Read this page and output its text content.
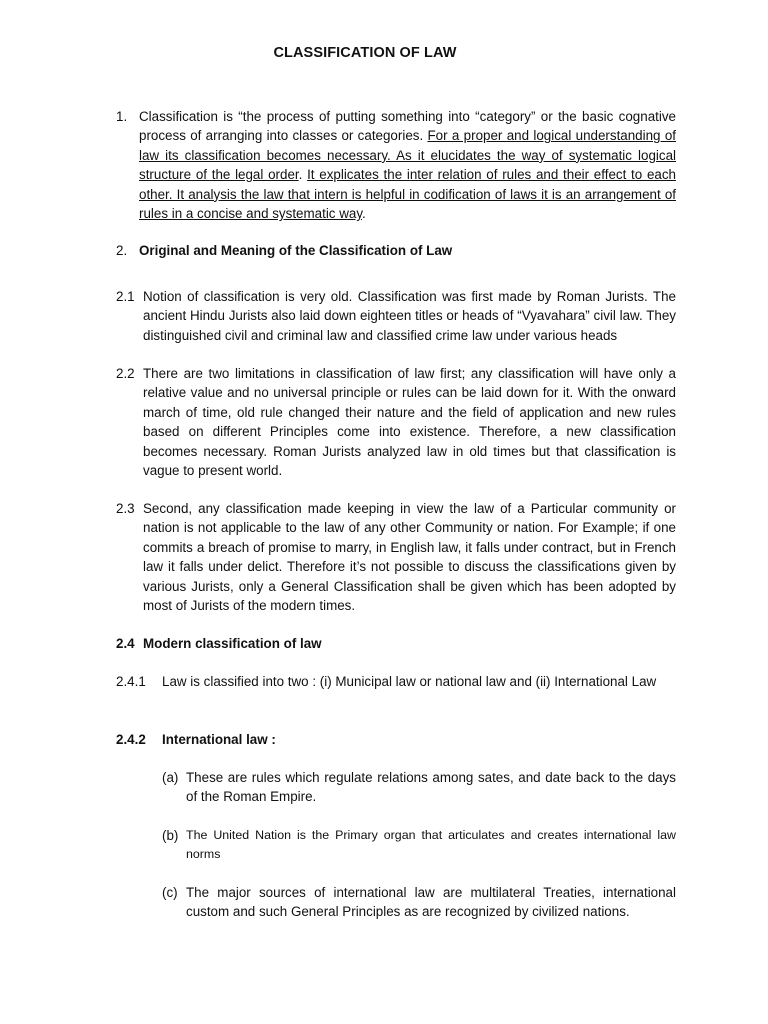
CLASSIFICATION OF LAW
1. Classification is “the process of putting something into “category” or the basic cognative process of arranging into classes or categories. For a proper and logical understanding of law its classification becomes necessary. As it elucidates the way of systematic logical structure of the legal order. It explicates the inter relation of rules and their effect to each other. It analysis the law that intern is helpful in codification of laws it is an arrangement of rules in a concise and systematic way.
2. Original and Meaning of the Classification of Law
2.1 Notion of classification is very old. Classification was first made by Roman Jurists. The ancient Hindu Jurists also laid down eighteen titles or heads of “Vyavahara” civil law. They distinguished civil and criminal law and classified crime law under various heads
2.2 There are two limitations in classification of law first; any classification will have only a relative value and no universal principle or rules can be laid down for it. With the onward march of time, old rule changed their nature and the field of application and new rules based on different Principles come into existence. Therefore, a new classification becomes necessary. Roman Jurists analyzed law in old times but that classification is vague to present world.
2.3 Second, any classification made keeping in view the law of a Particular community or nation is not applicable to the law of any other Community or nation. For Example; if one commits a breach of promise to marry, in English law, it falls under contract, but in French law it falls under delict. Therefore it’s not possible to discuss the classifications given by various Jurists, only a General Classification shall be given which has been adopted by most of Jurists of the modern times.
2.4 Modern classification of law
2.4.1 Law is classified into two : (i) Municipal law or national law and (ii) International Law
2.4.2 International law :
(a) These are rules which regulate relations among sates, and date back to the days of the Roman Empire.
(b) The United Nation is the Primary organ that articulates and creates international law norms
(c) The major sources of international law are multilateral Treaties, international custom and such General Principles as are recognized by civilized nations.
